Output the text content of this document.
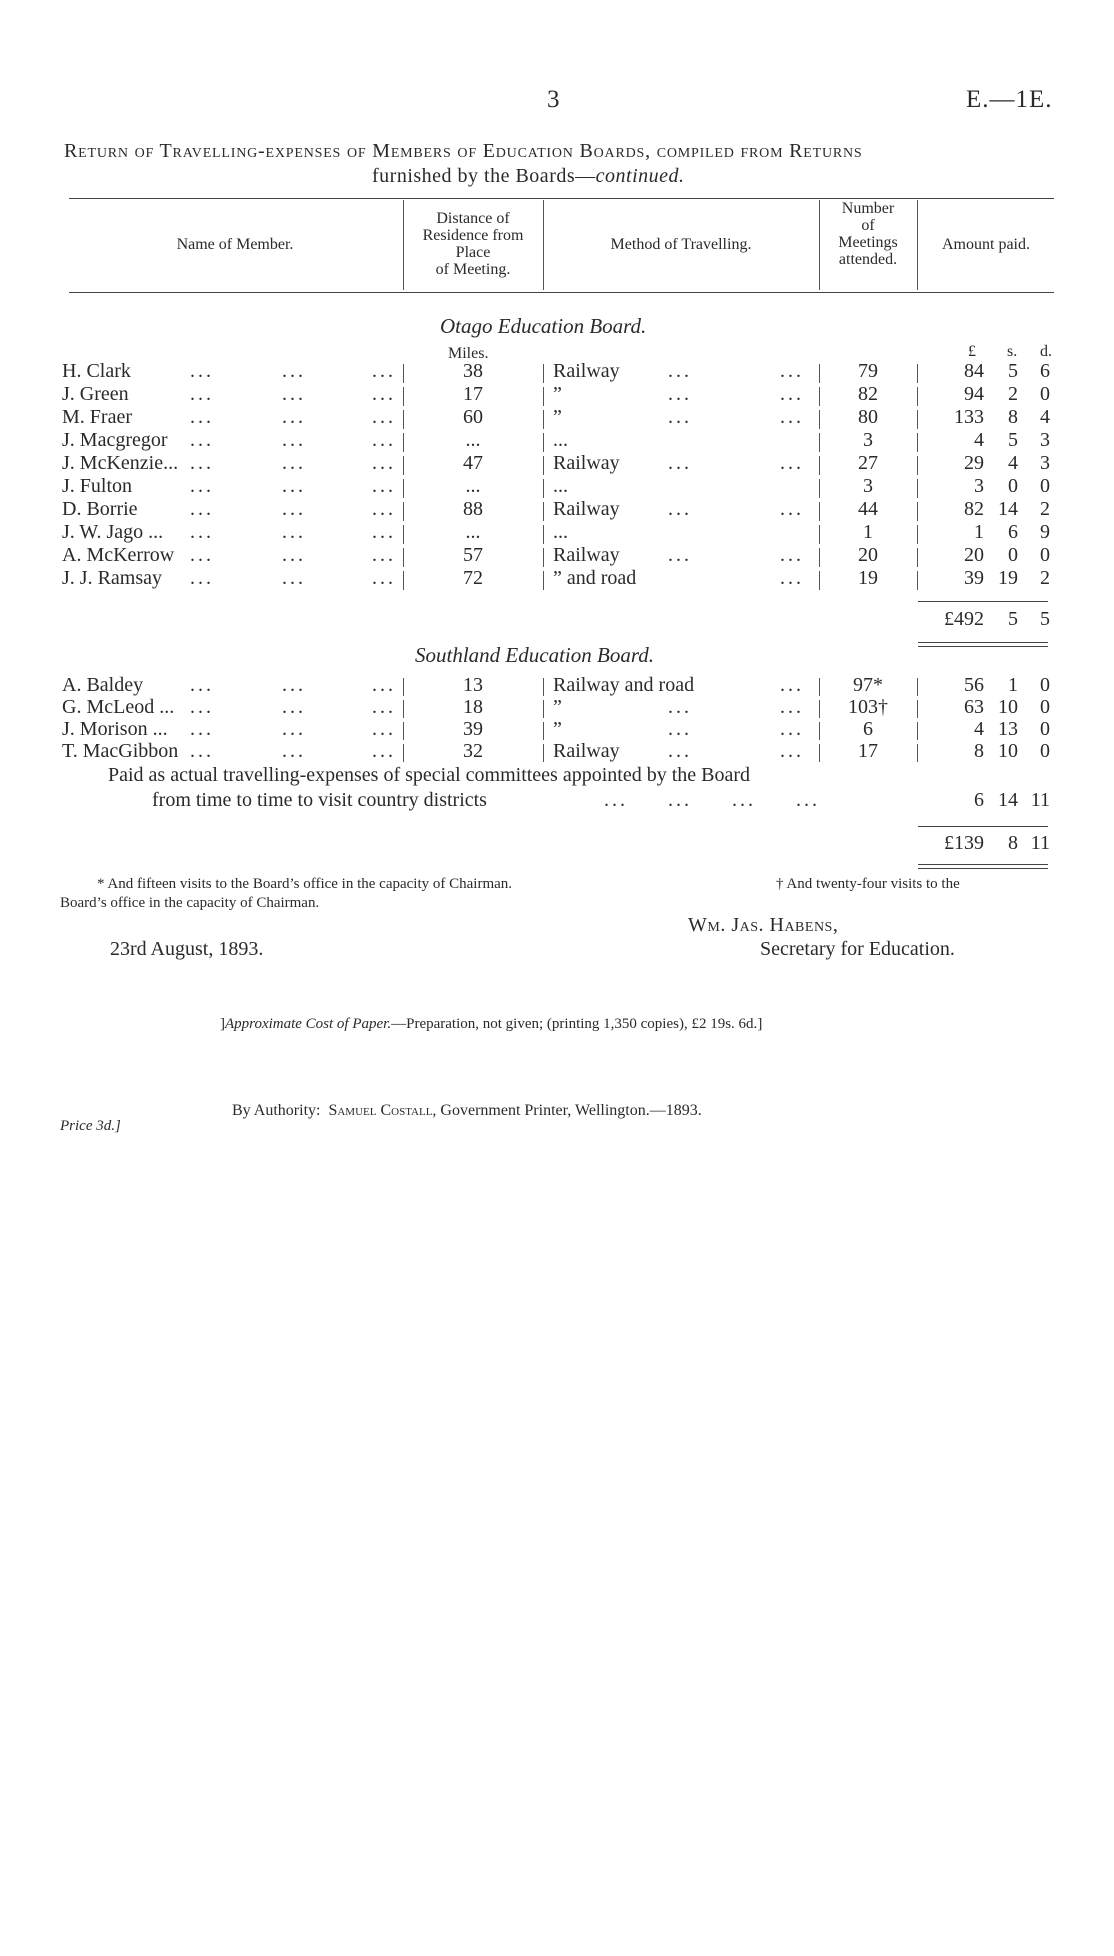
3	E.—1E.
Return of Travelling-expenses of Members of Education Boards, compiled from Returns
furnished by the Boards—continued.
Name of Member.
Distance of
Residence from
Place
of Meeting.
Method of Travelling.
Number
of
Meetings
attended.
Amount paid.
Otago Education Board.
Miles.	£ s. d.
H. Clark	...	...	...	38	Railway ...	...	79	84	5	6
J. Green	...	...	...	17	”	...	...	82	94	2	0
M. Fraer	...	...	...	60	”	...	...	80	133	8	4
J. Macgregor ...	...	...	...	...	3	4	5	3
J. McKenzie... ...	...	...	47	Railway ...	...	27	29	4	3
J. Fulton	...	...	...	...	...	3	3	0	0
D. Borrie	...	...	...	88	Railway ...	...	44	82 14	2
J. W. Jago ... ...	...	...	...	...	1	1	6	9
A. McKerrow ...	...	...	57	Railway ...	...	20	20	0	0
J. J. Ramsay ...	...	...	72	” and road	...	19	39 19	2
£492	5	5
Southland Education Board.
A. Baldey ...	...	...	13	Railway and road	...	97*	56	1	0
G. McLeod ... ...	...	...	18	”	...	...	103†	63 10	0
J. Morison ... ...	...	...	39	”	...	...	6	4 13	0
T. MacGibbon ...	...	...	32	Railway ...	...	17	8 10	0
Paid as actual travelling-expenses of special committees appointed by the Board
from time to time to visit country districts	... ... ... ...	6 14 11
£139	8 11
* And fifteen visits to the Board’s office in the capacity of Chairman.	† And twenty-four visits to the
Board’s office in the capacity of Chairman.
23rd August, 1893.
Wm. Jas. Habens,
Secretary for Education.
]Approximate Cost of Paper.—Preparation, not given; (printing 1,350 copies), £2 19s. 6d.]
By Authority: Samuel Costall, Government Printer, Wellington.—1893.
Price 3d.]
